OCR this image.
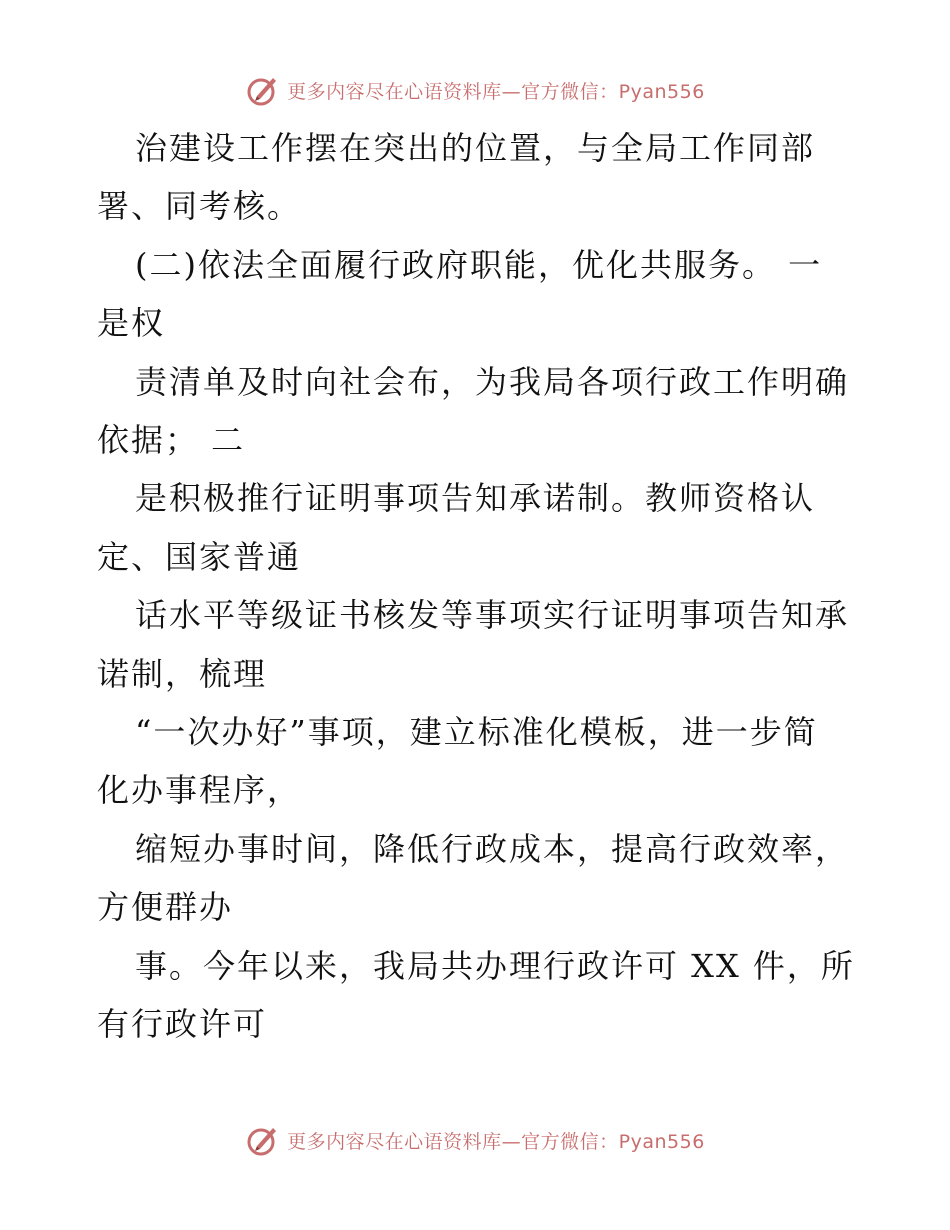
更多内容尽在心语资料库—官方微信：Pyan556
治建设工作摆在突出的位置，与全局工作同部
署、同考核。
(二)依法全面履行政府职能，优化共服务。 一
是权
责清单及时向社会布，为我局各项行政工作明确
依据； 二
是积极推行证明事项告知承诺制。教师资格认
定、国家普通
话水平等级证书核发等事项实行证明事项告知承
诺制，梳理
“一次办好”事项，建立标准化模板，进一步简
化办事程序，
缩短办事时间，降低行政成本，提高行政效率，
方便群办
事。今年以来，我局共办理行政许可 XX 件，所
有行政许可
更多内容尽在心语资料库—官方微信：Pyan556
